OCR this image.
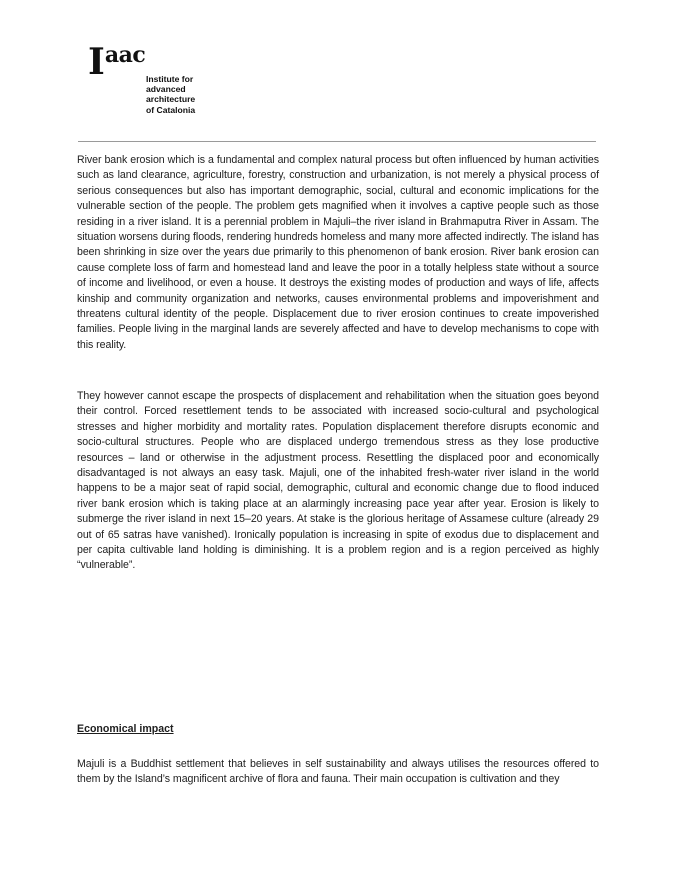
Iaac
Institute for
advanced
architecture
of Catalonia

River bank erosion which is a fundamental and complex natural process but often influenced by human activities such as land clearance, agriculture, forestry, construction and urbanization, is not merely a physical process of serious consequences but also has important demographic, social, cultural and economic implications for the vulnerable section of the people. The problem gets magnified when it involves a captive people such as those residing in a river island. It is a perennial problem in Majuli–the river island in Brahmaputra River in Assam. The situation worsens during floods, rendering hundreds homeless and many more affected indirectly. The island has been shrinking in size over the years due primarily to this phenomenon of bank erosion. River bank erosion can cause complete loss of farm and homestead land and leave the poor in a totally helpless state without a source of income and livelihood, or even a house. It destroys the existing modes of production and ways of life, affects kinship and community organization and networks, causes environmental problems and impoverishment and threatens cultural identity of the people. Displacement due to river erosion continues to create impoverished families. People living in the marginal lands are severely affected and have to develop mechanisms to cope with this reality.

They however cannot escape the prospects of displacement and rehabilitation when the situation goes beyond their control. Forced resettlement tends to be associated with increased socio-cultural and psychological stresses and higher morbidity and mortality rates. Population displacement therefore disrupts economic and socio-cultural structures. People who are displaced undergo tremendous stress as they lose productive resources – land or otherwise in the adjustment process. Resettling the displaced poor and economically disadvantaged is not always an easy task. Majuli, one of the inhabited fresh-water river island in the world happens to be a major seat of rapid social, demographic, cultural and economic change due to flood induced river bank erosion which is taking place at an alarmingly increasing pace year after year. Erosion is likely to submerge the river island in next 15–20 years. At stake is the glorious heritage of Assamese culture (already 29 out of 65 satras have vanished). Ironically population is increasing in spite of exodus due to displacement and per capita cultivable land holding is diminishing. It is a problem region and is a region perceived as highly “vulnerable”.

Economical impact

Majuli is a Buddhist settlement that believes in self sustainability and always utilises the resources offered to them by the Island’s magnificent archive of flora and fauna. Their main occupation is cultivation and they
